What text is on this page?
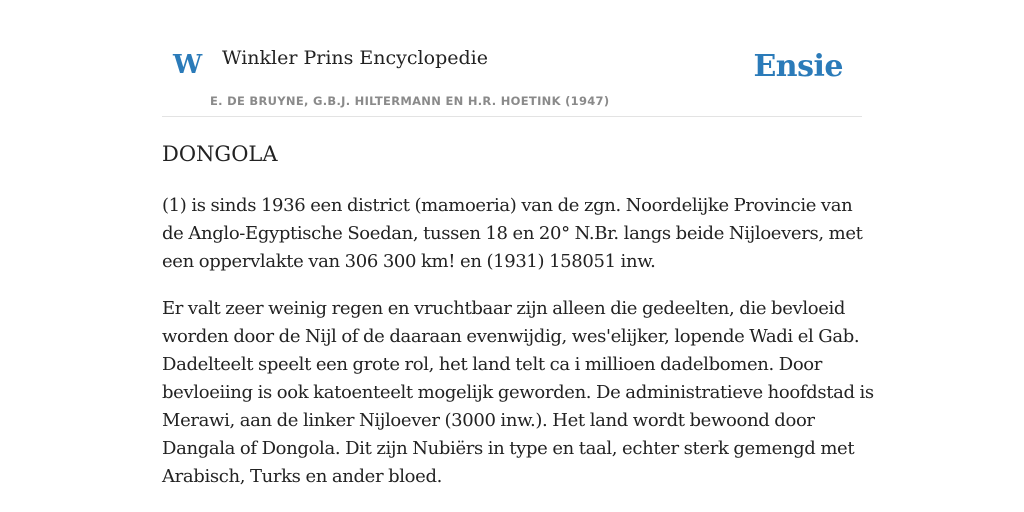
W Winkler Prins Encyclopedie
E. DE BRUYNE, G.B.J. HILTERMANN EN H.R. HOETINK (1947)
Ensie
DONGOLA

(1) is sinds 1936 een district (mamoeria) van de zgn. Noordelijke Provincie van de Anglo-Egyptische Soedan, tussen 18 en 20° N.Br. langs beide Nijloevers, met een oppervlakte van 306 300 km! en (1931) 158051 inw.

Er valt zeer weinig regen en vruchtbaar zijn alleen die gedeelten, die bevloeid worden door de Nijl of de daaraan evenwijdig, wes'elijker, lopende Wadi el Gab. Dadelteelt speelt een grote rol, het land telt ca i millioen dadelbomen. Door bevloeiing is ook katoenteelt mogelijk geworden. De administratieve hoofdstad is Merawi, aan de linker Nijloever (3000 inw.). Het land wordt bewoond door Dangala of Dongola. Dit zijn Nubiërs in type en taal, echter sterk gemengd met Arabisch, Turks en ander bloed.
